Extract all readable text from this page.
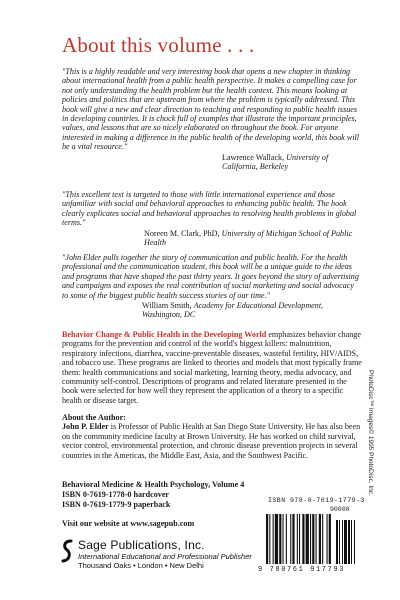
About this volume . . .

"This is a highly readable and very interesting book that opens a new chapter in thinking about international health from a public health perspective. It makes a compelling case for not only understanding the health problem but the health context. This means looking at policies and politics that are upstream from where the problem is typically addressed. This book will give a new and clear direction to teaching and responding to public health issues in developing countries. It is chock full of examples that illustrate the important principles, values, and lessons that are so nicely elaborated on throughout the book. For anyone interested in making a difference in the public health of the developing world, this book will be a vital resource."

Lawrence Wallack, University of California, Berkeley

"This excellent text is targeted to those with little international experience and those unfamiliar with social and behavioral approaches to enhancing public health. The book clearly explicates social and behavioral approaches to resolving health problems in global terms."

Noreen M. Clark, PhD, University of Michigan School of Public Health

"John Elder pulls together the story of communication and public health. For the health professional and the communication student, this book will be a unique guide to the ideas and programs that have shaped the past thirty years. It goes beyond the story of advertising and campaigns and exposes the real contribution of social marketing and social advocacy to some of the biggest public health success stories of our time."

William Smith, Academy for Educational Development, Washington, DC

Behavior Change & Public Health in the Developing World emphasizes behavior change programs for the prevention and control of the world's biggest killers: malnutrition, respiratory infections, diarrhea, vaccine-preventable diseases, wasteful fertility, HIV/AIDS, and tobacco use. These programs are linked to theories and models that most typically frame them: health communications and social marketing, learning theory, media advocacy, and community self-control. Descriptions of programs and related literature presented in the book were selected for how well they represent the application of a theory to a specific health or disease target.

About the Author:

John P. Elder is Professor of Public Health at San Diego State University. He has also been on the community medicine faculty at Brown University. He has worked on child survival, vector control, environmental protection, and chronic disease prevention projects in several countries in the Americas, the Middle East, Asia, and the Southwest Pacific.

Behavioral Medicine & Health Psychology, Volume 4
ISBN 0-7619-1778-0 hardcover
ISBN 0-7619-1779-9 paperback
Visit our website at www.sagepub.com
ISBN 978-0-7619-1779-3
90000
9 780761 917793
PhotoDisc™ Images© 1995 PhotoDisc, Inc.
Sage Publications, Inc.
International Educational and Professional Publisher
Thousand Oaks • London • New Delhi
